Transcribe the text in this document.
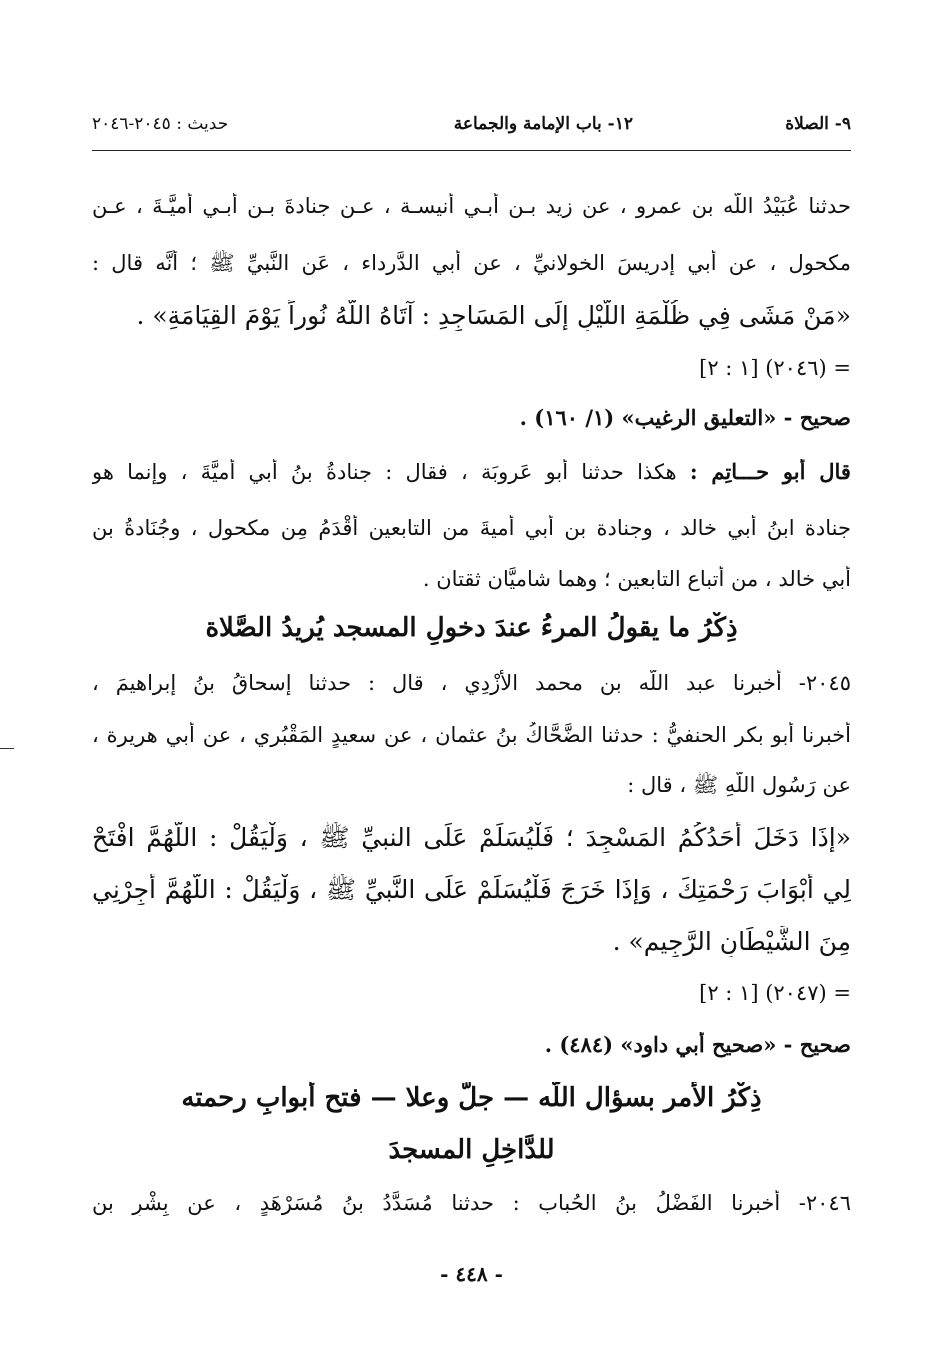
٩- الصلاة
١٢- باب الإمامة والجماعة
حديث : ٢٠٤٥-٢٠٤٦
حدثنا عُبَيْدُ اللَّه بن عمرو ، عن زيد بـن أبـي أنيسـة ، عـن جنادةَ بـن أَبـي أُميَّـةَ ، عـن
مكحول ، عن أبي إدريسَ الخولانيِّ ، عن أبي الدَّرداء ، عَن النَّبيِّ ﷺ ؛ أَنَّه قال :
«مَنْ مَشَى فِي ظُلْمَةِ اللَّيْلِ إِلَى المَسَاجِدِ : آتَاهُ اللَّهُ نُوراً يَوْمَ القِيَامَةِ» .
= (٢٠٤٦) [١ : ٢]
صحيح - «التعليق الرغيب» (١/ ١٦٠) .
قال أبو حـــاتِم : هكذا حدثنا أَبو عَروبَة ، فقال : جنادةُ بنُ أبي أُميَّةَ ، وإنما هو
جنادة ابنُ أبي خالد ، وجنادة بن أبي أميةَ من التابعين أَقْدَمُ مِن مكحول ، وجُنَادةُ بن
أبي خالد ، من أتباعِ التابعين ؛ وهما شاميَّان ثقتان .
ذِكْرُ ما يقولُ المرءُ عندَ دخولِ المسجد يُريدُ الصَّلاة
٢٠٤٥- أخبرنا عبد اللَّه بن محمد الأزْدِي ، قال : حدثنا إسحاقُ بنُ إبراهيمَ ،
أخبرنا أبو بكر الحنفيُّ : حدثنا الضَّحَّاكُ بنُ عثمان ، عن سعيدٍ المَقْبُري ، عن أبي هريرة ،
عن رَسُول اللَّهِ ﷺ ، قال :
«إِذَا دَخَلَ أَحَدُكُمُ المَسْجِدَ ؛ فَلْيُسَلِّمْ عَلَى النبيِّ ﷺ ، وَلْيَقُلْ : اللَّهُمَّ افْتَحْ
لِي أَبْوَابَ رَحْمَتِكَ ، وَإِذَا خَرَجَ فَلْيُسَلِّمْ عَلَى النَّبيِّ ﷺ ، وَلْيَقُلْ : اللَّهُمَّ أَجِرْنِي
مِنَ الشَّيْطَانِ الرَّجِيمِ» .
= (٢٠٤٧) [١ : ٢]
صحيح - «صحيح أبي داود» (٤٨٤) .
ذِكْرُ الأمر بسؤال اللَّه — جلَّ وعلا — فتح أبوابِ رحمته
للدَّاخِلِ المسجدَ
٢٠٤٦- أخبرنا الفَضْلُ بنُ الحُباب : حدثنا مُسَدَّدُ بنُ مُسَرْهَدٍ ، عن بِشْرِ بنِ
- ٤٤٨ -
